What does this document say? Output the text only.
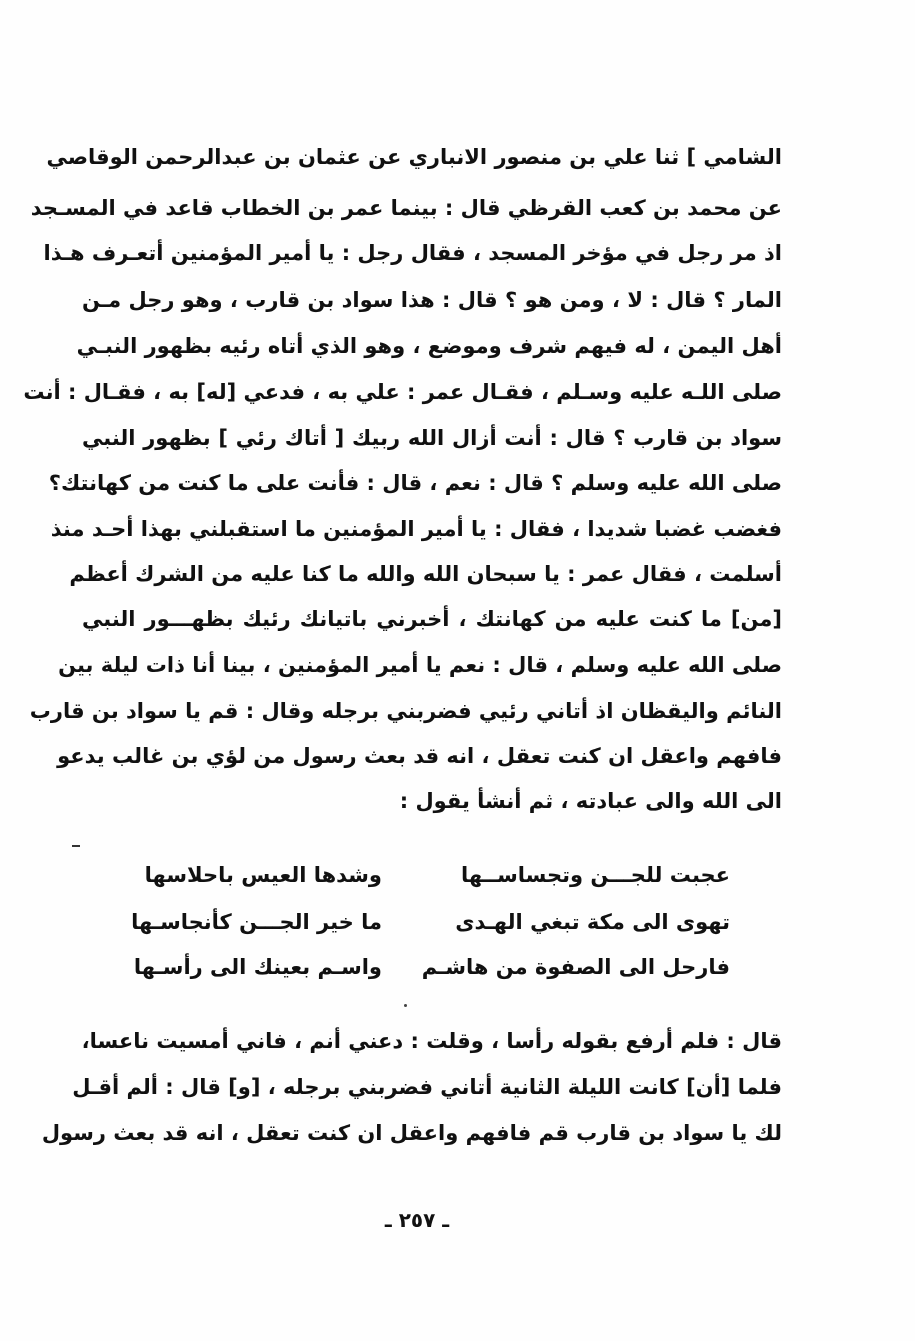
الشامي ] ثنا علي بن منصور الانباري عن عثمان بن عبدالرحمن الوقاصي
عن محمد بن كعب القرظي قال : بينما عمر بن الخطاب قاعد في المسـجد
اذ مر رجل في مؤخر المسجد ، فقال رجل : يا أمير المؤمنين أتعـرف هـذا
المار ؟ قال : لا ، ومن هو ؟ قال : هذا سواد بن قارب ، وهو رجل مـن
أهل اليمن ، له فيهم شرف وموضع ، وهو الذي أتاه رئيه بظهور النبـي
صلى اللـه عليه وسـلم ، فقـال عمر : علي به ، فدعي [له] به ، فقـال : أنت
سواد بن قارب ؟ قال : أنت أزال الله ربيك [ أتاك رئي ] بظهور النبي
صلى الله عليه وسلم ؟ قال : نعم ، قال : فأنت على ما كنت من كهانتك؟
فغضب غضبا شديدا ، فقال : يا أمير المؤمنين ما استقبلني بهذا أحـد منذ
أسلمت ، فقال عمر : يا سبحان الله والله ما كنا عليه من الشرك أعظم
[من] ما كنت عليه من كهانتك ، أخبرني باتيانك رئيك بظهـــور النبي
صلى الله عليه وسلم ، قال : نعم يا أمير المؤمنين ، بينا أنا ذات ليلة بين
النائم واليقظان اذ أتاني رئيي فضربني برجله وقال : قم يا سواد بن قارب
فافهم واعقل ان كنت تعقل ، انه قد بعث رسول من لؤي بن غالب يدعو
الى الله والى عبادته ، ثم أنشأ يقول :
عجبت للجـــن وتجساســها
وشدها العيس باحلاسها
تهوى الى مكة تبغي الهـدى
ما خير الجـــن كأنجاسـها
فارحل الى الصفوة من هاشـم
واسـم بعينك الى رأسـها
قال : فلم أرفع بقوله رأسا ، وقلت : دعني أنم ، فاني أمسيت ناعسا،
فلما [أن] كانت الليلة الثانية أتاني فضربني برجله ، [و] قال : ألم أقـل
لك يا سواد بن قارب قم فافهم واعقل ان كنت تعقل ، انه قد بعث رسول
ـ ٢٥٧ ـ
